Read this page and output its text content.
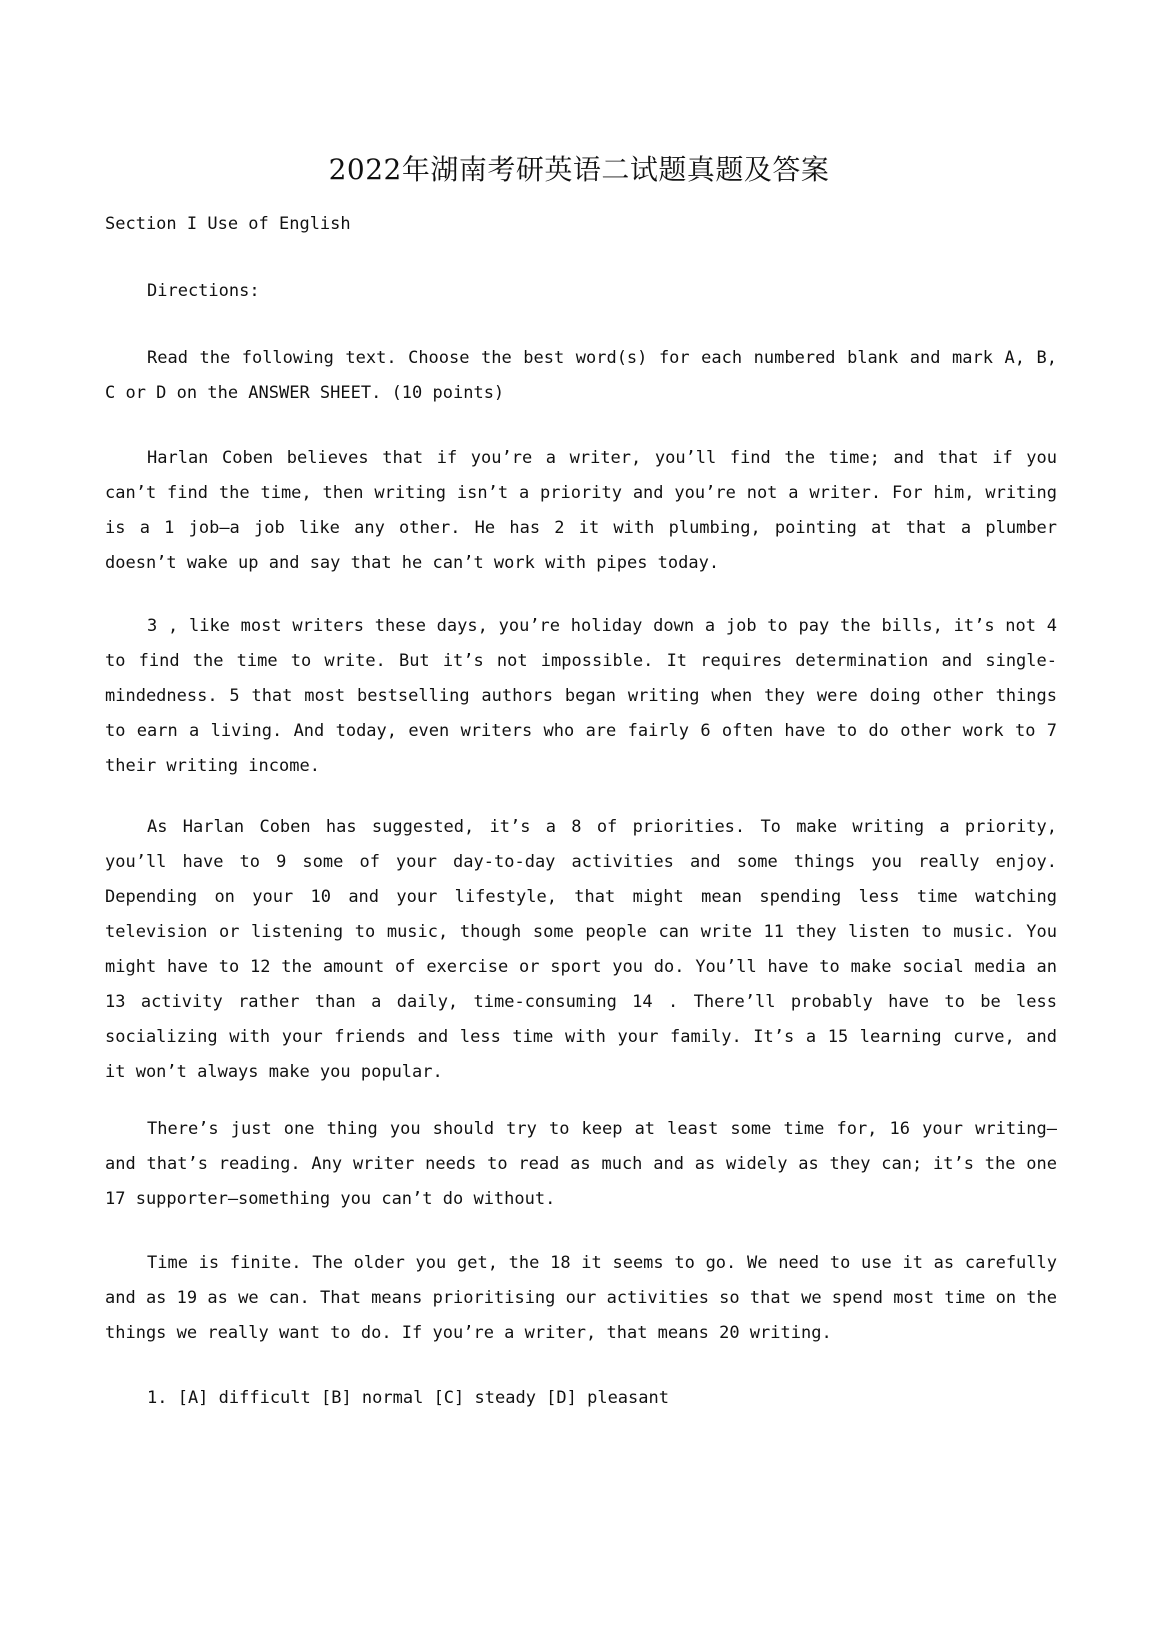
2022年湖南考研英语二试题真题及答案

Section I Use of English

Directions:

Read the following text. Choose the best word(s) for each numbered blank and mark A, B, C or D on the ANSWER SHEET. (10 points)

Harlan Coben believes that if you’re a writer, you’ll find the time; and that if you can’t find the time, then writing isn’t a priority and you’re not a writer. For him, writing is a 1 job–a job like any other. He has 2 it with plumbing, pointing at that a plumber doesn’t wake up and say that he can’t work with pipes today.

3 , like most writers these days, you’re holiday down a job to pay the bills, it’s not 4 to find the time to write. But it’s not impossible. It requires determination and single-mindedness. 5 that most bestselling authors began writing when they were doing other things to earn a living. And today, even writers who are fairly 6 often have to do other work to 7 their writing income.

As Harlan Coben has suggested, it’s a 8 of priorities. To make writing a priority, you’ll have to 9 some of your day-to-day activities and some things you really enjoy. Depending on your 10 and your lifestyle, that might mean spending less time watching television or listening to music, though some people can write 11 they listen to music. You might have to 12 the amount of exercise or sport you do. You’ll have to make social media an 13 activity rather than a daily, time-consuming 14 . There’ll probably have to be less socializing with your friends and less time with your family. It’s a 15 learning curve, and it won’t always make you popular.

There’s just one thing you should try to keep at least some time for, 16 your writing–and that’s reading. Any writer needs to read as much and as widely as they can; it’s the one 17 supporter–something you can’t do without.

Time is finite. The older you get, the 18 it seems to go. We need to use it as carefully and as 19 as we can. That means prioritising our activities so that we spend most time on the things we really want to do. If you’re a writer, that means 20 writing.

1. [A] difficult [B] normal [C] steady [D] pleasant
